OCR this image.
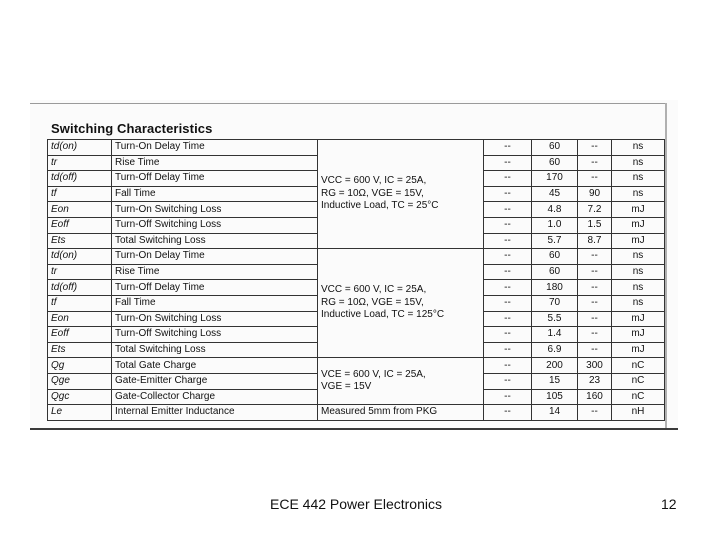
Switching Characteristics
td(on)	Turn-On Delay Time	VCC = 600 V, IC = 25A,
RG = 10Ω, VGE = 15V,
Inductive Load, TC = 25°C	--	60	--	ns
tr	Rise Time		--	60	--	ns
td(off)	Turn-Off Delay Time		--	170	--	ns
tf	Fall Time		--	45	90	ns
Eon	Turn-On Switching Loss		--	4.8	7.2	mJ
Eoff	Turn-Off Switching Loss		--	1.0	1.5	mJ
Ets	Total Switching Loss		--	5.7	8.7	mJ
td(on)	Turn-On Delay Time	VCC = 600 V, IC = 25A,
RG = 10Ω, VGE = 15V,
Inductive Load, TC = 125°C	--	60	--	ns
tr	Rise Time		--	60	--	ns
td(off)	Turn-Off Delay Time		--	180	--	ns
tf	Fall Time		--	70	--	ns
Eon	Turn-On Switching Loss		--	5.5	--	mJ
Eoff	Turn-Off Switching Loss		--	1.4	--	mJ
Ets	Total Switching Loss		--	6.9	--	mJ
Qg	Total Gate Charge	VCE = 600 V, IC = 25A,
VGE = 15V	--	200	300	nC
Qge	Gate-Emitter Charge		--	15	23	nC
Qgc	Gate-Collector Charge		--	105	160	nC
Le	Internal Emitter Inductance	Measured 5mm from PKG	--	14	--	nH
ECE 442 Power Electronics	12
